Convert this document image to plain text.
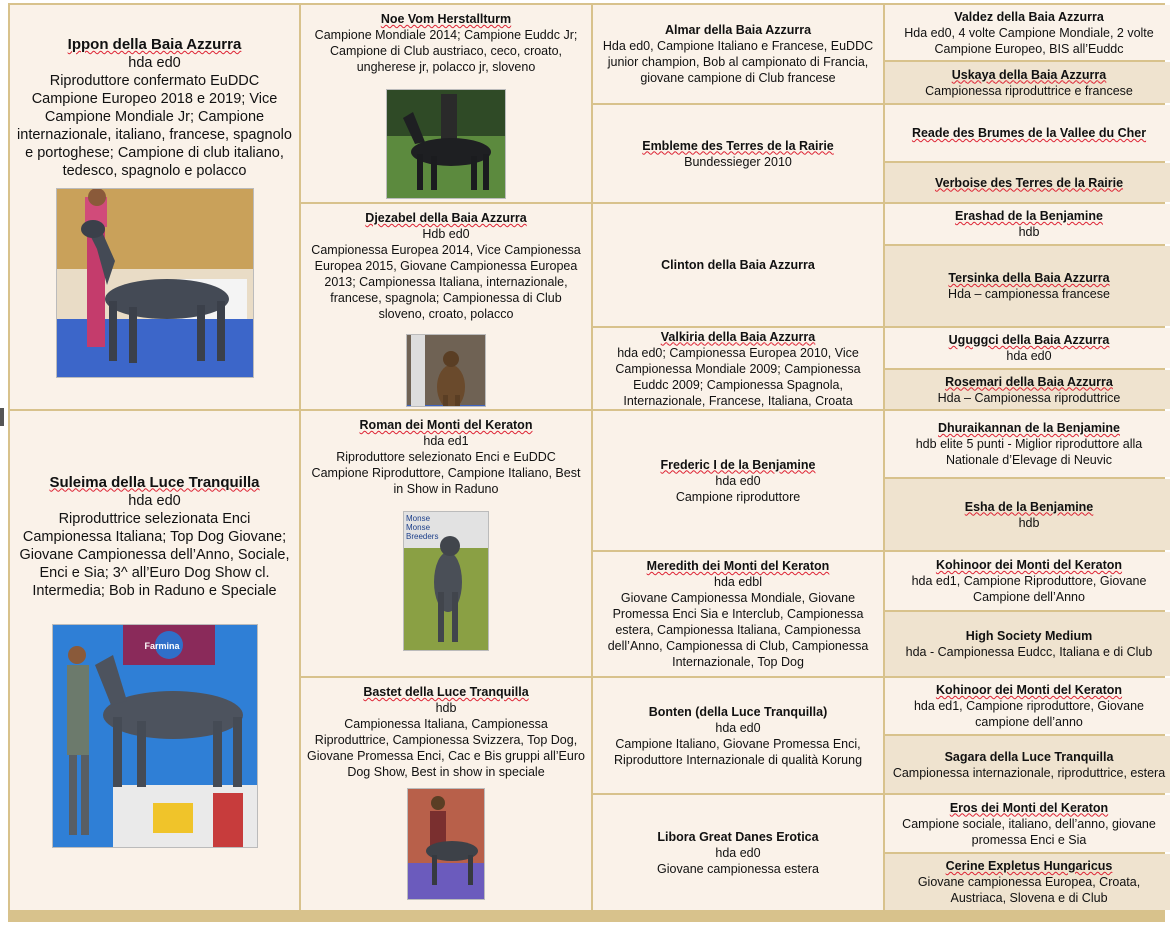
Ippon della Baia Azzurra
hda ed0
Riproduttore confermato EuDDC
Campione Europeo 2018 e 2019; Vice Campione Mondiale Jr; Campione internazionale, italiano, francese, spagnolo e portoghese; Campione di club italiano, tedesco, spagnolo e polacco
Suleima della Luce Tranquilla
hda ed0
Riproduttrice selezionata Enci
Campionessa Italiana; Top Dog Giovane; Giovane Campionessa dell’Anno, Sociale, Enci e Sia; 3^ all’Euro Dog Show cl. Intermedia; Bob in Raduno e Speciale
Farmina
Noe Vom Herstallturm
Campione Mondiale 2014; Campione Euddc Jr; Campione di Club austriaco, ceco, croato, ungherese jr, polacco jr, sloveno
Djezabel della Baia Azzurra
Hdb ed0
Campionessa Europea 2014, Vice Campionessa Europea 2015, Giovane Campionessa Europea 2013; Campionessa Italiana, internazionale, francese, spagnola; Campionessa di Club sloveno, croato, polacco
Roman dei Monti del Keraton
hda ed1
Riproduttore selezionato Enci e EuDDC
Campione Riproduttore, Campione Italiano, Best in Show in Raduno
Monse
Monse
Breeders
Bastet della Luce Tranquilla
hdb
Campionessa Italiana, Campionessa Riproduttrice, Campionessa Svizzera, Top Dog, Giovane Promessa Enci, Cac e Bis gruppi all’Euro Dog Show, Best in show in speciale
Almar della Baia Azzurra
Hda ed0, Campione Italiano e Francese, EuDDC junior champion, Bob al campionato di Francia, giovane campione di Club francese
Embleme des Terres de la Rairie
Bundessieger 2010
Clinton della Baia Azzurra
Valkiria della Baia Azzurra
hda ed0; Campionessa Europea 2010, Vice Campionessa Mondiale 2009; Campionessa Euddc 2009; Campionessa Spagnola, Internazionale, Francese, Italiana, Croata
Frederic I de la Benjamine
hda ed0
Campione riproduttore
Meredith dei Monti del Keraton
hda edbl
Giovane Campionessa Mondiale, Giovane Promessa Enci Sia e Interclub, Campionessa estera, Campionessa Italiana, Campionessa dell’Anno, Campionessa di Club, Campionessa Internazionale, Top Dog
Bonten (della Luce Tranquilla)
hda ed0
Campione Italiano, Giovane Promessa Enci, Riproduttore Internazionale di qualità Korung
Libora Great Danes Erotica
hda ed0
Giovane campionessa estera
Valdez della Baia Azzurra
Hda ed0, 4 volte Campione Mondiale, 2 volte Campione Europeo, BIS all’Euddc
Uskaya della Baia Azzurra
Campionessa riproduttrice e francese
Reade des Brumes de la Vallee du Cher
Verboise des Terres de la Rairie
Erashad de la Benjamine
hdb
Tersinka della Baia Azzurra
Hda – campionessa francese
Uguggci della Baia Azzurra
hda ed0
Rosemari della Baia Azzurra
Hda – Campionessa riproduttrice
Dhuraikannan de la Benjamine
hdb elite 5 punti - Miglior riproduttore alla Nationale d’Elevage di Neuvic
Esha de la Benjamine
hdb
Kohinoor dei Monti del Keraton
hda ed1, Campione Riproduttore, Giovane Campione dell’Anno
High Society Medium
hda - Campionessa Eudcc, Italiana e di Club
Kohinoor dei Monti del Keraton
hda ed1, Campione riproduttore, Giovane campione dell’anno
Sagara della Luce Tranquilla
Campionessa internazionale, riproduttrice, estera
Eros dei Monti del Keraton
Campione sociale, italiano, dell’anno, giovane promessa Enci e Sia
Cerine Expletus Hungaricus
Giovane campionessa Europea, Croata, Austriaca, Slovena e di Club
